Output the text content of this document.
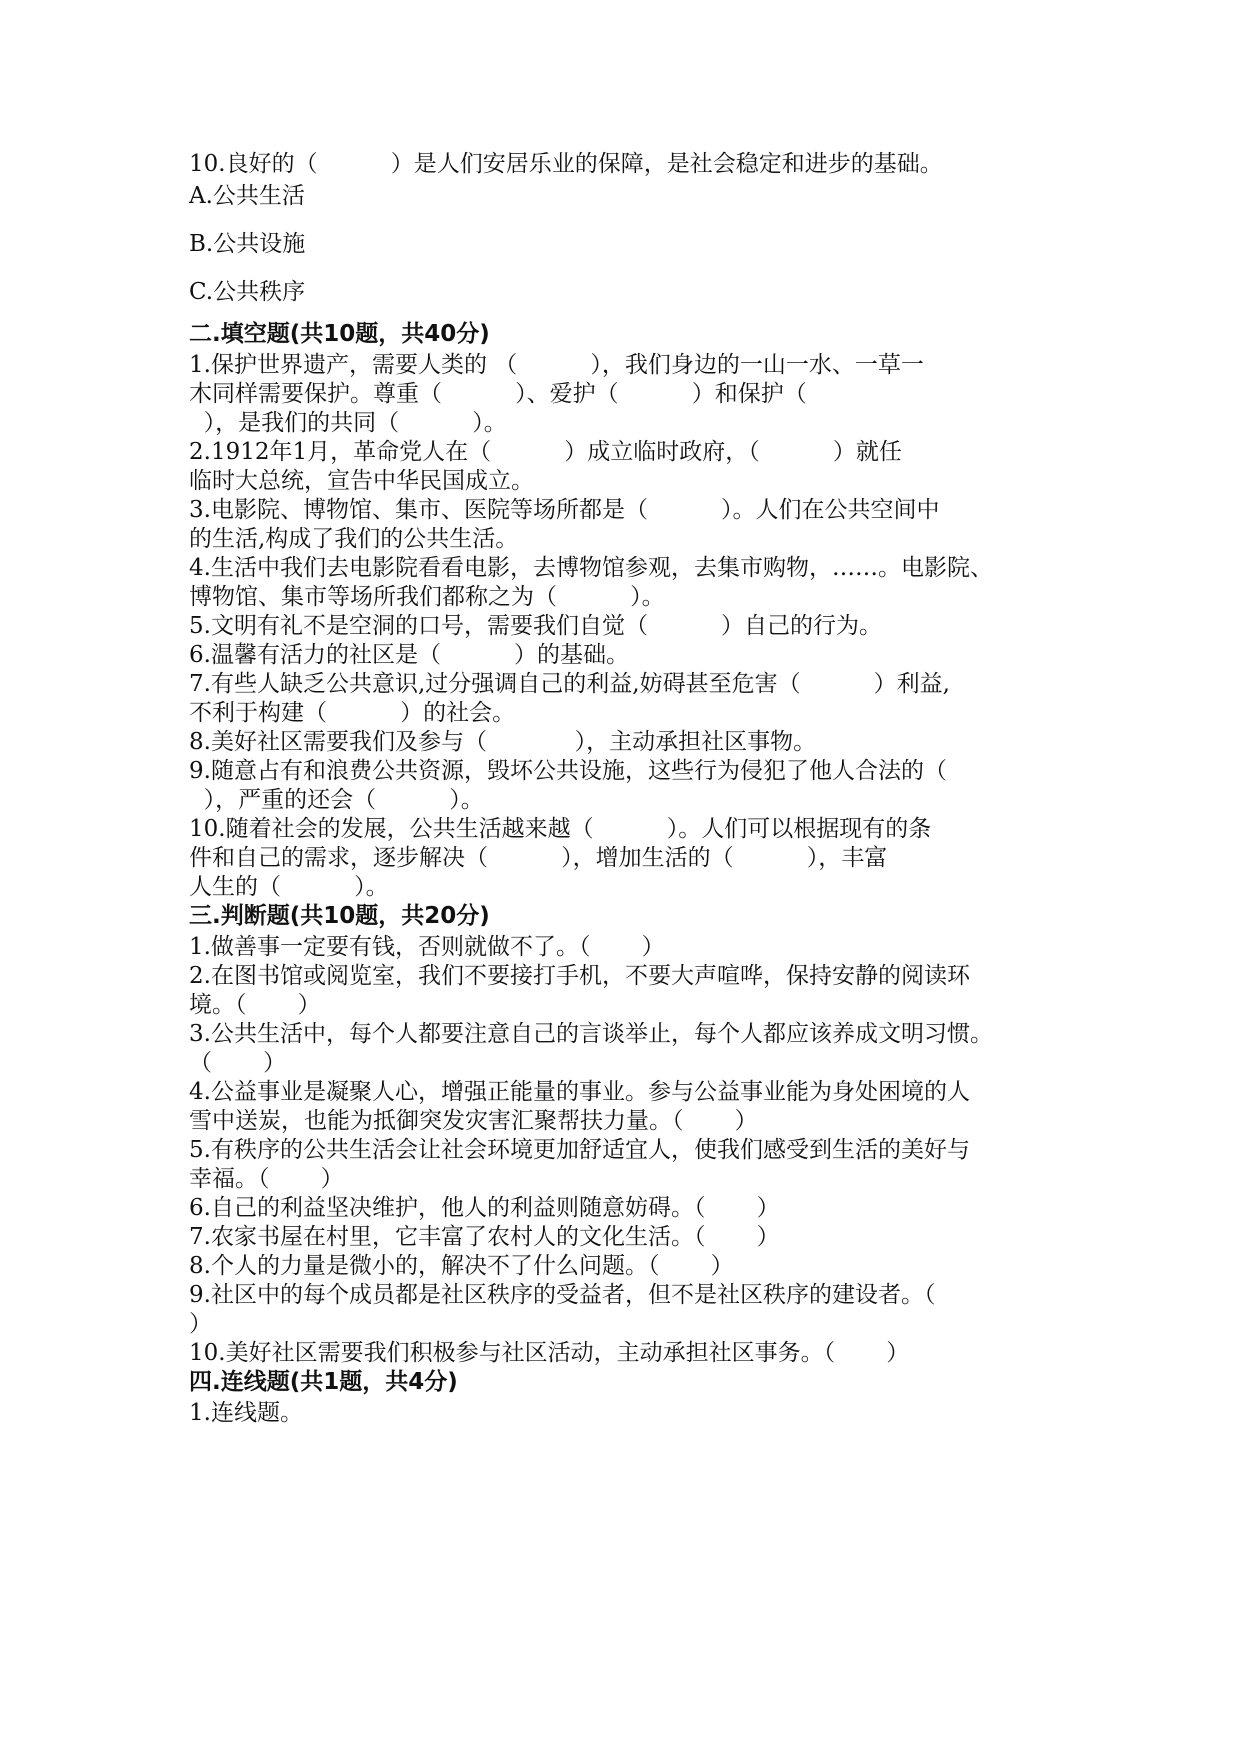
10.良好的（          ）是人们安居乐业的保障，是社会稳定和进步的基础。

A.公共生活

B.公共设施

C.公共秩序

二.填空题(共10题，共40分)

1.保护世界遗产，需要人类的 （          ），我们身边的一山一水、一草一

木同样需要保护。尊重（          ）、爱护（          ）和保护（

），是我们的共同（          ）。

2.1912年1月，革命党人在（          ）成立临时政府，（          ）就任

临时大总统，宣告中华民国成立。

3.电影院、博物馆、集市、医院等场所都是（          ）。人们在公共空间中

的生活,构成了我们的公共生活。

4.生活中我们去电影院看看电影，去博物馆参观，去集市购物，……。电影院、

博物馆、集市等场所我们都称之为（          ）。

5.文明有礼不是空洞的口号，需要我们自觉（          ）自己的行为。

6.温馨有活力的社区是（          ）的基础。

7.有些人缺乏公共意识,过分强调自己的利益,妨碍甚至危害（          ）利益,

不利于构建（          ）的社会。

8.美好社区需要我们及参与（            ），主动承担社区事物。

9.随意占有和浪费公共资源，毁坏公共设施，这些行为侵犯了他人合法的（

），严重的还会（          ）。

10.随着社会的发展，公共生活越来越（          ）。人们可以根据现有的条

件和自己的需求，逐步解决（          ），增加生活的（          ），丰富

人生的（          ）。

三.判断题(共10题，共20分)

1.做善事一定要有钱，否则就做不了。（       ）

2.在图书馆或阅览室，我们不要接打手机，不要大声喧哗，保持安静的阅读环

境。（       ）

3.公共生活中，每个人都要注意自己的言谈举止，每个人都应该养成文明习惯。

（       ）

4.公益事业是凝聚人心，增强正能量的事业。参与公益事业能为身处困境的人

雪中送炭，也能为抵御突发灾害汇聚帮扶力量。（       ）

5.有秩序的公共生活会让社会环境更加舒适宜人，使我们感受到生活的美好与

幸福。（       ）

6.自己的利益坚决维护，他人的利益则随意妨碍。（       ）

7.农家书屋在村里，它丰富了农村人的文化生活。（       ）

8.个人的力量是微小的，解决不了什么问题。（       ）

9.社区中的每个成员都是社区秩序的受益者，但不是社区秩序的建设者。（

）

10.美好社区需要我们积极参与社区活动，主动承担社区事务。（       ）

四.连线题(共1题，共4分)

1.连线题。
